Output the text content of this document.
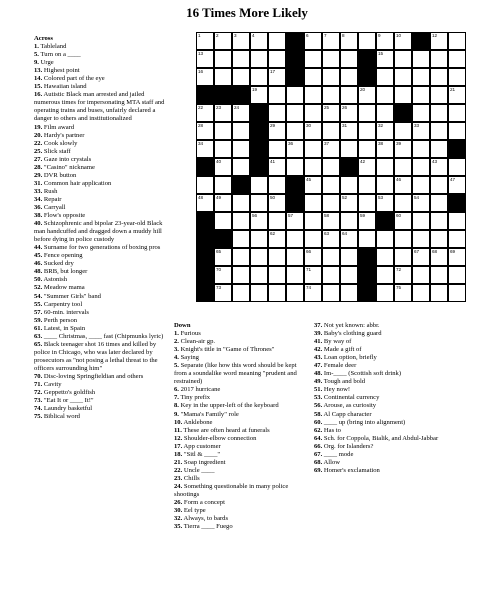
16 Times More Likely
1	2	3	4	6	7	8	9	10	12
13	15
16	17
19	20	21
22	23	24	25	26
28	29	30	31	32	33
34	36	37	38	39
40	41	42	43
45	46	47
48	49	50	52	53	54
56	57	58	59	60
62	63	64
65	66	67	68	69
70	71	72
73	74	75
Across
1. Tableland
5. Turn on a ____
9. Urge
13. Highest point
14. Colored part of the eye
15. Hawaiian island
16. Autistic Black man arrested and jailed numerous times for impersonating MTA staff and operating trains and buses, unfairly declared a danger to others and institutionalized
19. Film award
20. Hardy's partner
22. Cook slowly
25. Slick staff
27. Gaze into crystals
28. "Casino" nickname
29. DVR button
31. Common hair application
33. Rush
34. Repair
36. Carryall
38. Flow's opposite
40. Schizophrenic and bipolar 23-year-old Black man handcuffed and dragged down a muddy hill before dying in police custody
44. Surname for two generations of boxing pros
45. Fence opening
46. Sucked dry
48. BRB, but longer
50. Astonish
52. Meadow mama
54. "Summer Girls" band
55. Carpentry tool
57. 60-min. intervals
59. Perth person
61. Latest, in Spain
63. ____ Christmas, ____ fast (Chipmunks lyric)
65. Black teenager shot 16 times and killed by police in Chicago, who was later declared by prosecutors as "not posing a lethal threat to the officers surrounding him"
70. Disc-loving Springfieldian and others
71. Cavity
72. Geppetto's goldfish
73. "Eat It or ____ It!"
74. Laundry basketful
75. Biblical word
Down
1. Furious
2. Clean-air gp.
3. Knight's title in "Game of Thrones"
4. Saying
5. Separate (like how this word should be kept from a soundalike word meaning "prudent and restrained)
6. 2017 hurricane
7. Tiny prefix
8. Key in the upper-left of the keyboard
9. "Mama's Family" role
10. Anklebone
11. These are often heard at funerals
12. Shoulder-elbow connection
17. App customer
18. "Sitl & ____"
21. Soap ingredient
22. Uncle ____
23. Chills
24. Something questionable in many police shootings
26. Form a concept
30. Eel type
32. Always, to bards
35. Tierra ____ Fuego
37. Not yet known: abbr.
39. Baby's clothing guard
41. By way of
42. Made a gift of
43. Loan option, briefly
47. Female deer
48. Im-____ (Scottish soft drink)
49. Tough and bold
51. Hey now!
53. Continental currency
56. Arouse, as curiosity
58. Al Capp character
60. ____ up (bring into alignment)
62. Has to
64. Sch. for Coppola, Bialik, and Abdul-Jabbar
66. Org. for Islanders?
67. ____ mode
68. Allow
69. Homer's exclamation
